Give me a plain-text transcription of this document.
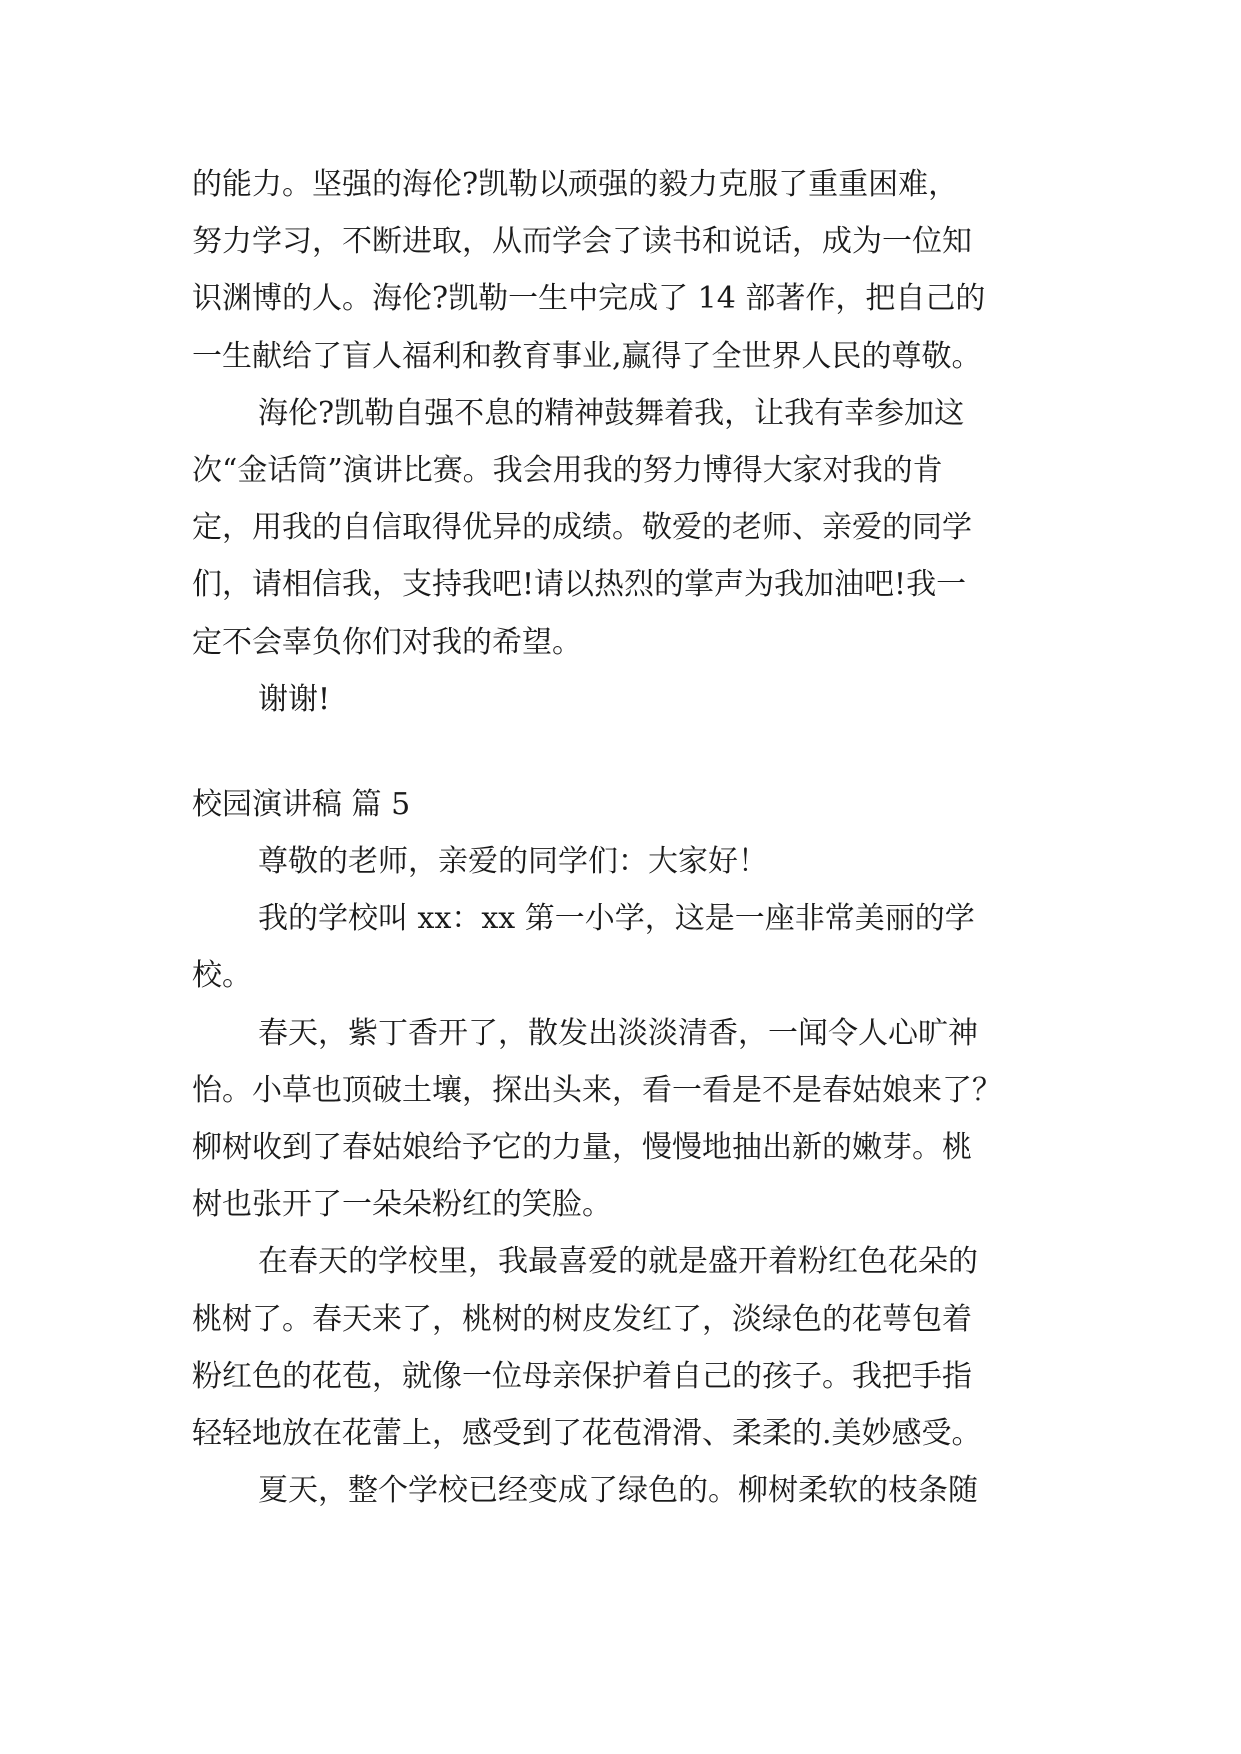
的能力。坚强的海伦?凯勒以顽强的毅力克服了重重困难，
努力学习，不断进取，从而学会了读书和说话，成为一位知
识渊博的人。海伦?凯勒一生中完成了 14 部著作，把自己的
一生献给了盲人福利和教育事业,赢得了全世界人民的尊敬。
海伦?凯勒自强不息的精神鼓舞着我，让我有幸参加这
次“金话筒”演讲比赛。我会用我的努力博得大家对我的肯
定，用我的自信取得优异的成绩。敬爱的老师、亲爱的同学
们，请相信我，支持我吧!请以热烈的掌声为我加油吧!我一
定不会辜负你们对我的希望。
谢谢!
校园演讲稿 篇 5
尊敬的老师，亲爱的同学们：大家好！
我的学校叫 xx：xx 第一小学，这是一座非常美丽的学
校。
春天，紫丁香开了，散发出淡淡清香，一闻令人心旷神
怡。小草也顶破土壤，探出头来，看一看是不是春姑娘来了？
柳树收到了春姑娘给予它的力量，慢慢地抽出新的嫩芽。桃
树也张开了一朵朵粉红的笑脸。
在春天的学校里，我最喜爱的就是盛开着粉红色花朵的
桃树了。春天来了，桃树的树皮发红了，淡绿色的花萼包着
粉红色的花苞，就像一位母亲保护着自己的孩子。我把手指
轻轻地放在花蕾上，感受到了花苞滑滑、柔柔的.美妙感受。
夏天，整个学校已经变成了绿色的。柳树柔软的枝条随
